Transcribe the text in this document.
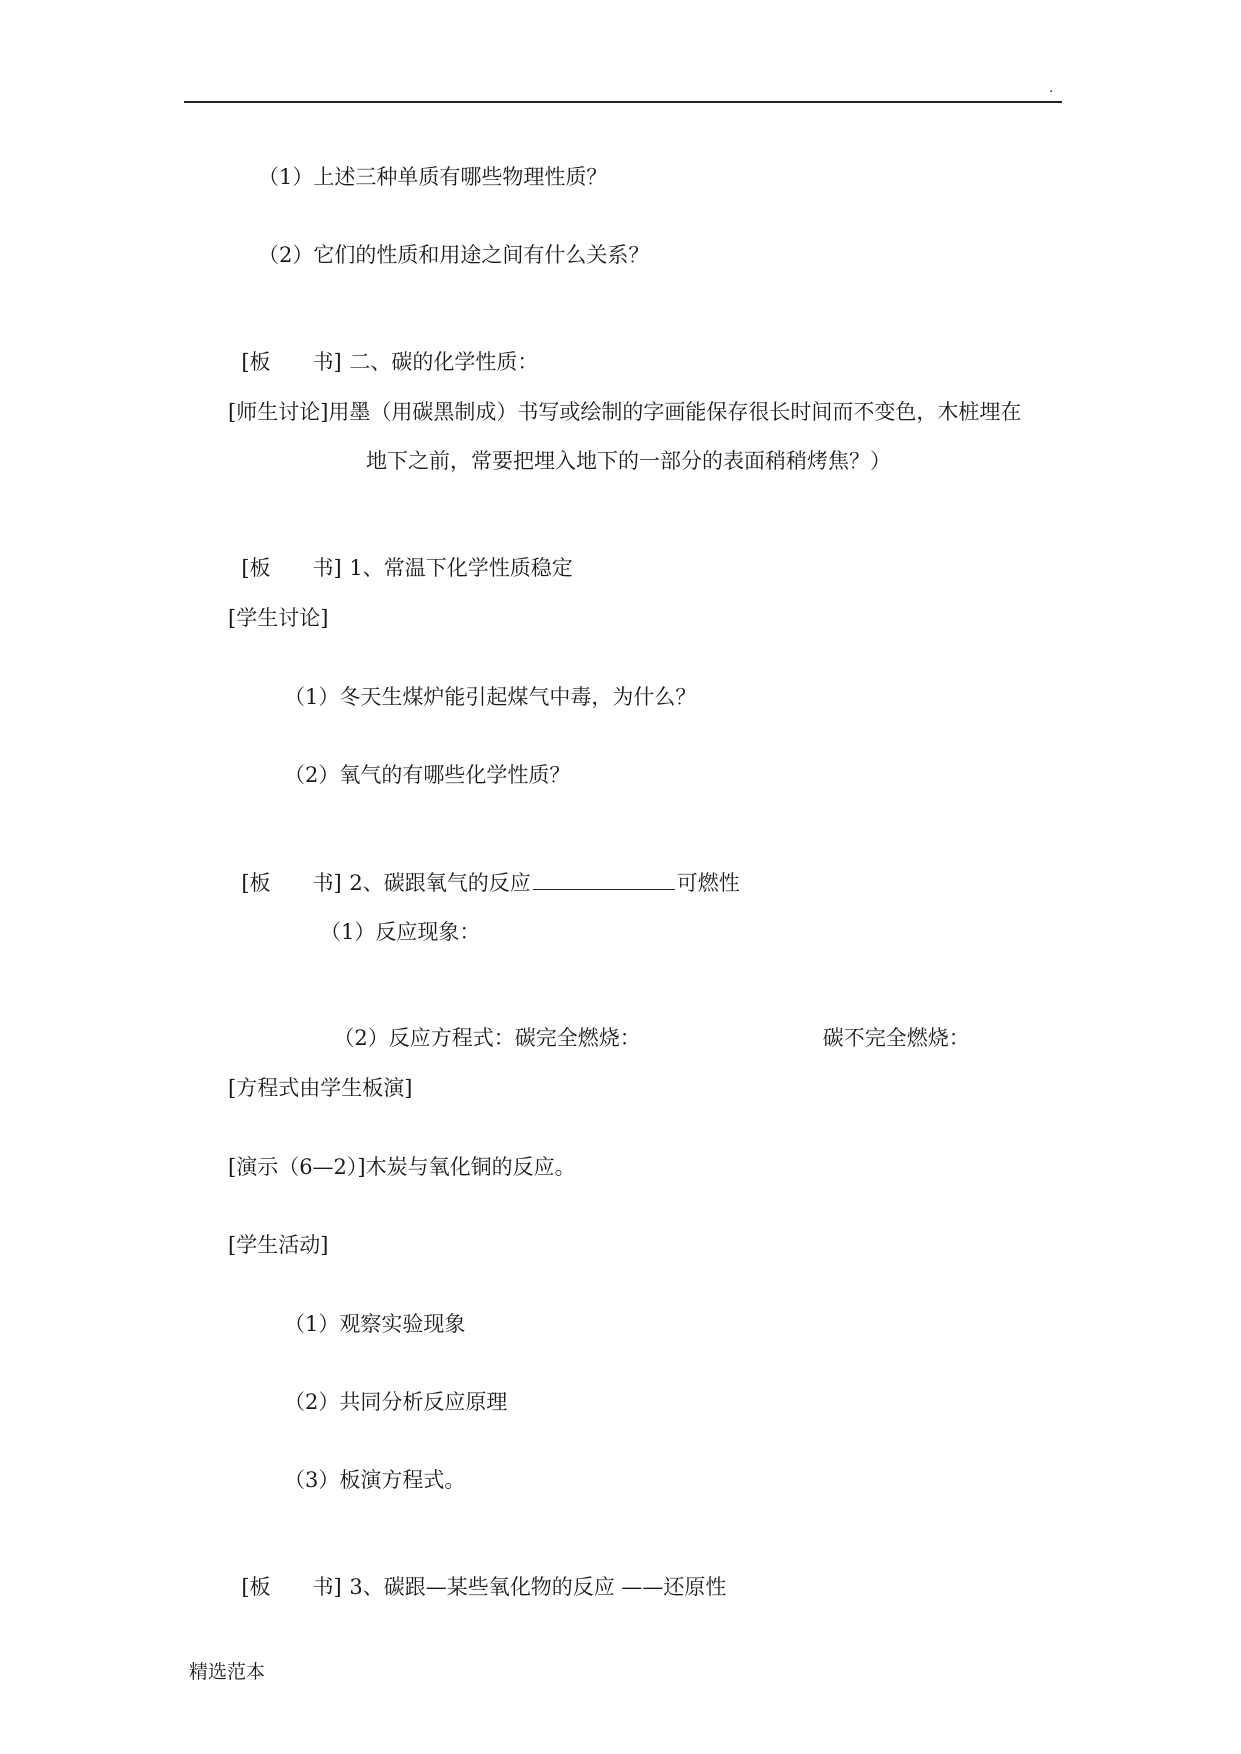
.
（1）上述三种单质有哪些物理性质？
（2）它们的性质和用途之间有什么关系？

[板　　书] 二、碳的化学性质：

[师生讨论]用墨（用碳黑制成）书写或绘制的字画能保存很长时间而不变色，木桩埋在
地下之前，常要把埋入地下的一部分的表面稍稍烤焦？）

[板　　书] 1、常温下化学性质稳定

[学生讨论]
（1）冬天生煤炉能引起煤气中毒，为什么？
（2）氧气的有哪些化学性质？

[板　　书] 2、碳跟氧气的反应	可燃性

（1）反应现象：

（2）反应方程式：碳完全燃烧：	碳不完全燃烧：

[方程式由学生板演]
[演示（6—2）]木炭与氧化铜的反应。
[学生活动]
（1）观察实验现象
（2）共同分析反应原理
（3）板演方程式。

[板　　书] 3、碳跟—某些氧化物的反应 ——还原性

精选范本
